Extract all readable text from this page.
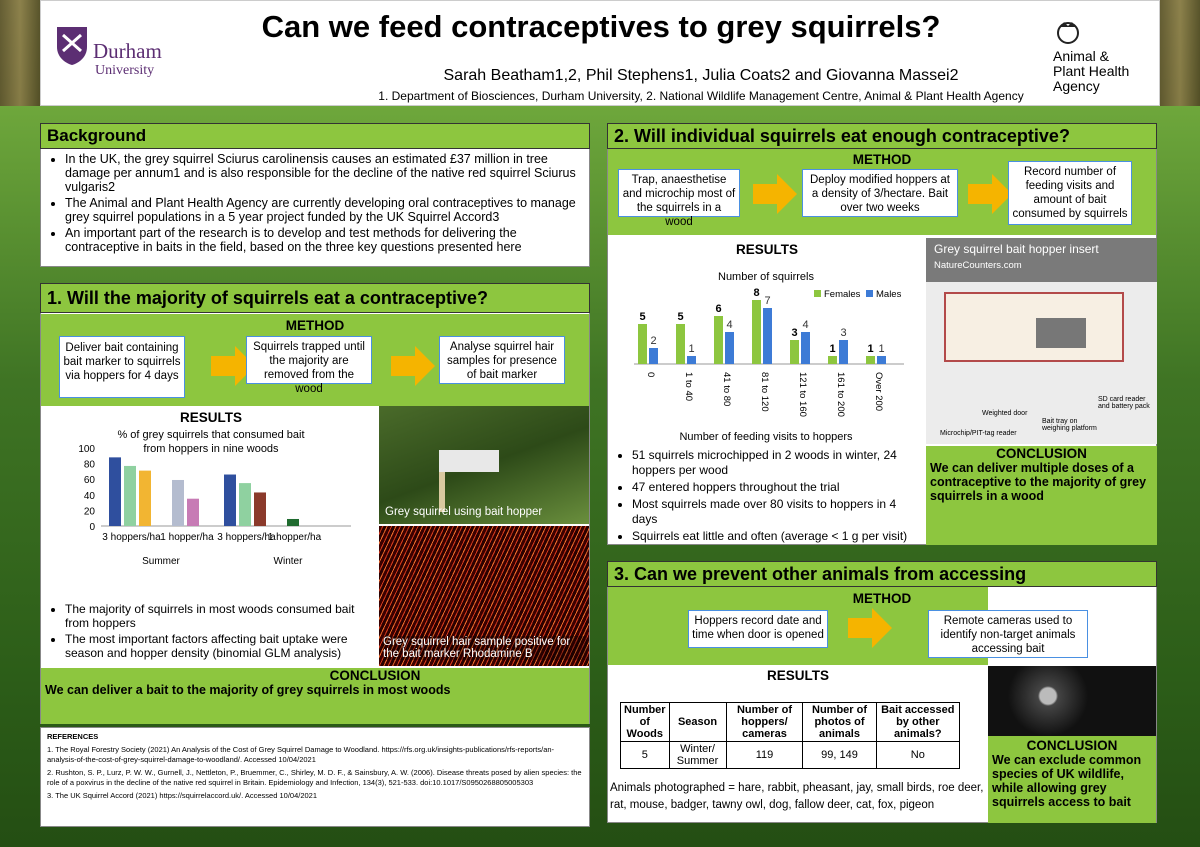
Can we feed contraceptives to grey squirrels?
Sarah Beatham1,2, Phil Stephens1, Julia Coats2 and Giovanna Massei2
1. Department of Biosciences, Durham University, 2. National Wildlife Management Centre, Animal & Plant Health Agency
Durham
University
Animal &
Plant Health
Agency
Background
• In the UK, the grey squirrel Sciurus carolinensis causes an estimated £37 million in tree damage per annum1 and is also responsible for the decline of the native red squirrel Sciurus vulgaris2
• The Animal and Plant Health Agency are currently developing oral contraceptives to manage grey squirrel populations in a 5 year project funded by the UK Squirrel Accord3
• An important part of the research is to develop and test methods for delivering the contraceptive in baits in the field, based on the three key questions presented here
1. Will the majority of squirrels eat a contraceptive?
METHOD
Deliver bait containing bait marker to squirrels via hoppers for 4 days
Squirrels trapped until the majority are removed from the wood
Analyse squirrel hair samples for presence of bait marker
RESULTS
% of grey squirrels that consumed bait
from hoppers in nine woods
0
20
40
60
80
100
3 hoppers/ha 1 hopper/ha 3 hoppers/ha
1 hopper/ha
Summer	Winter
• The majority of squirrels in most woods consumed bait from hoppers
• The most important factors affecting bait uptake were season and hopper density (binomial GLM analysis)
Grey squirrel using bait hopper
Grey squirrel hair sample positive for the bait marker Rhodamine B
CONCLUSION
We can deliver a bait to the majority of grey squirrels in most woods
REFERENCES
1. The Royal Forestry Society (2021) An Analysis of the Cost of Grey Squirrel Damage to Woodland. https://rfs.org.uk/insights-publications/rfs-reports/an-analysis-of-the-cost-of-grey-squirrel-damage-to-woodland/. Accessed 10/04/2021
2. Rushton, S. P., Lurz, P. W. W., Gurnell, J., Nettleton, P., Bruemmer, C., Shirley, M. D. F., & Sainsbury, A. W. (2006). Disease threats posed by alien species: the role of a poxvirus in the decline of the native red squirrel in Britain. Epidemiology and Infection, 134(3), 521-533. doi:10.1017/S0950268805005303
3. The UK Squirrel Accord (2021) https://squirrelaccord.uk/. Accessed 10/04/2021
2. Will individual squirrels eat enough contraceptive?
METHOD
Trap, anaesthetise and microchip most of the squirrels in a wood
Deploy modified hoppers at a density of 3/hectare. Bait over two weeks
Record number of feeding visits and amount of bait consumed by squirrels
RESULTS
Number of squirrels
Females Males
5
2
0
5
1
1 to 40
6
4
41 to 80
8
7
81 to 120
3
4
121 to 160
1
3
161 to 200
1 1
Over 200
Number of feeding visits to hoppers
• 51 squirrels microchipped in 2 woods in winter, 24 hoppers per wood
• 47 entered hoppers throughout the trial
• Most squirrels made over 80 visits to hoppers in 4 days
• Squirrels eat little and often (average < 1 g per visit)
Grey squirrel bait hopper insert
NatureCounters.com
SD card reader and battery pack
Weighted door
Bait tray on weighing platform
Microchip/PIT-tag reader
CONCLUSION
We can deliver multiple doses of a contraceptive to the majority of grey squirrels in a wood
3. Can we prevent other animals from accessing
METHOD
Hoppers record date and time when door is opened
Remote cameras used to identify non-target animals accessing bait
RESULTS
Number of Woods	Season	Number of hoppers/ cameras	Number of photos of animals	Bait accessed by other animals?
5	Winter/ Summer	119	99, 149	No
Animals photographed = hare, rabbit, pheasant, jay, small birds, roe deer, rat, mouse, badger, tawny owl, dog, fallow deer, cat, fox, pigeon
CONCLUSION
We can exclude common species of UK wildlife, while allowing grey squirrels access to bait
